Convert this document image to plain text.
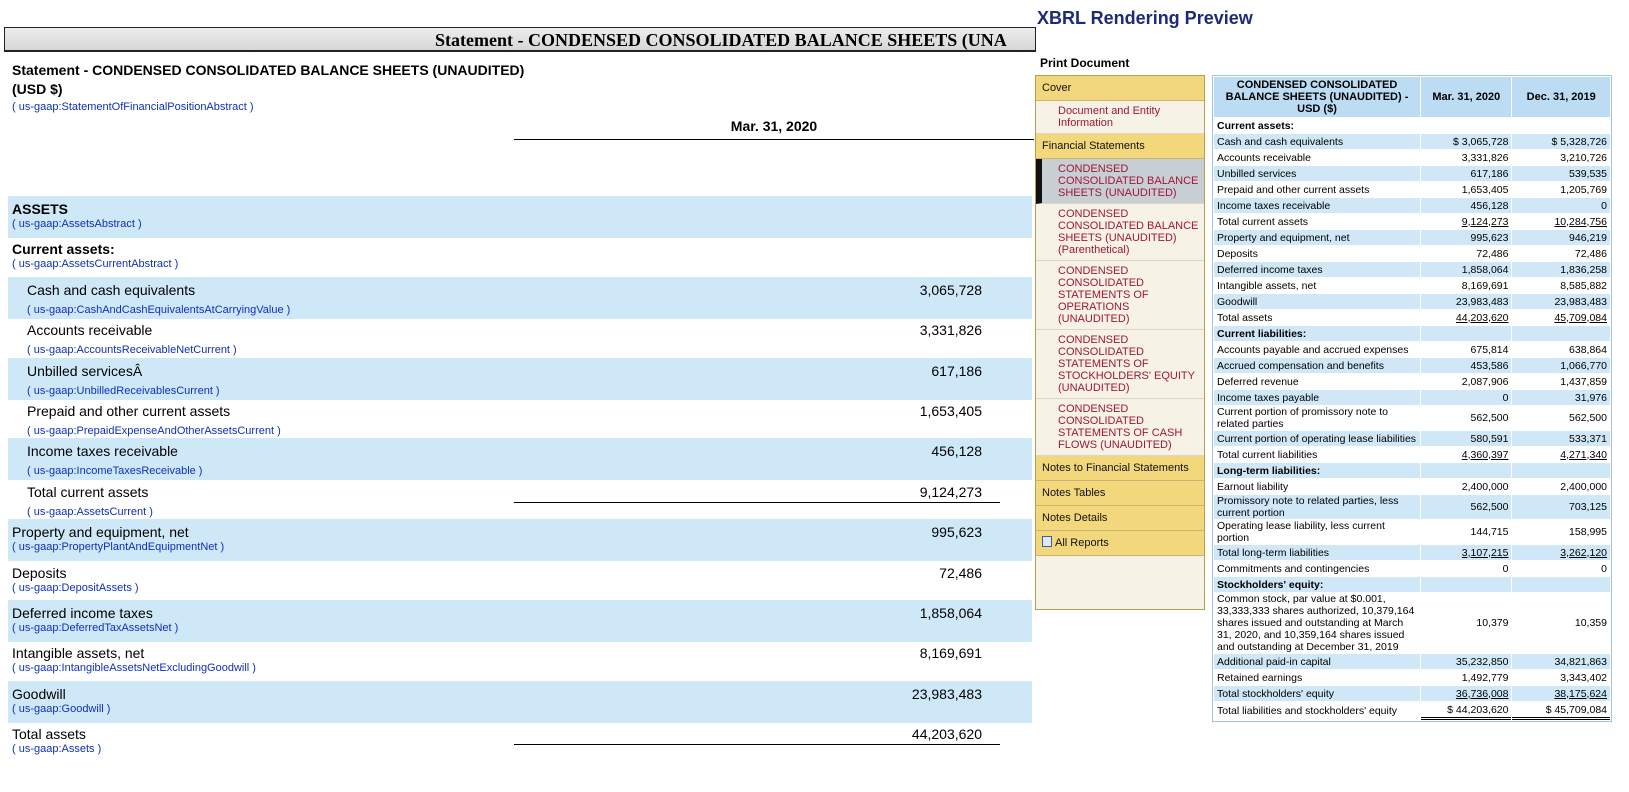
Statement - CONDENSED CONSOLIDATED BALANCE SHEETS (UNA
Statement - CONDENSED CONSOLIDATED BALANCE SHEETS (UNAUDITED)
(USD $)
( us-gaap:StatementOfFinancialPositionAbstract )
Mar. 31, 2020
ASSETS
( us-gaap:AssetsAbstract )
Current assets:
( us-gaap:AssetsCurrentAbstract )
Cash and cash equivalents
( us-gaap:CashAndCashEquivalentsAtCarryingValue )
3,065,728
Accounts receivable
( us-gaap:AccountsReceivableNetCurrent )
3,331,826
Unbilled servicesÂ
( us-gaap:UnbilledReceivablesCurrent )
617,186
Prepaid and other current assets
( us-gaap:PrepaidExpenseAndOtherAssetsCurrent )
1,653,405
Income taxes receivable
( us-gaap:IncomeTaxesReceivable )
456,128
Total current assets
( us-gaap:AssetsCurrent )
9,124,273
Property and equipment, net
( us-gaap:PropertyPlantAndEquipmentNet )
995,623
Deposits
( us-gaap:DepositAssets )
72,486
Deferred income taxes
( us-gaap:DeferredTaxAssetsNet )
1,858,064
Intangible assets, net
( us-gaap:IntangibleAssetsNetExcludingGoodwill )
8,169,691
Goodwill
( us-gaap:Goodwill )
23,983,483
Total assets
( us-gaap:Assets )
44,203,620
XBRL Rendering Preview
Print Document
Cover
Document and Entity Information
Financial Statements
CONDENSED CONSOLIDATED BALANCE SHEETS (UNAUDITED)
CONDENSED CONSOLIDATED BALANCE SHEETS (UNAUDITED) (Parenthetical)
CONDENSED CONSOLIDATED STATEMENTS OF OPERATIONS (UNAUDITED)
CONDENSED CONSOLIDATED STATEMENTS OF STOCKHOLDERS' EQUITY (UNAUDITED)
CONDENSED CONSOLIDATED STATEMENTS OF CASH FLOWS (UNAUDITED)
Notes to Financial Statements
Notes Tables
Notes Details
All Reports
CONDENSED CONSOLIDATED BALANCE SHEETS (UNAUDITED) - USD ($)	Mar. 31, 2020	Dec. 31, 2019
Current assets:		
Cash and cash equivalents	$ 3,065,728	$ 5,328,726
Accounts receivable	3,331,826	3,210,726
Unbilled services	617,186	539,535
Prepaid and other current assets	1,653,405	1,205,769
Income taxes receivable	456,128	0
Total current assets	9,124,273	10,284,756
Property and equipment, net	995,623	946,219
Deposits	72,486	72,486
Deferred income taxes	1,858,064	1,836,258
Intangible assets, net	8,169,691	8,585,882
Goodwill	23,983,483	23,983,483
Total assets	44,203,620	45,709,084
Current liabilities:		
Accounts payable and accrued expenses	675,814	638,864
Accrued compensation and benefits	453,586	1,066,770
Deferred revenue	2,087,906	1,437,859
Income taxes payable	0	31,976
Current portion of promissory note to related parties	562,500	562,500
Current portion of operating lease liabilities	580,591	533,371
Total current liabilities	4,360,397	4,271,340
Long-term liabilities:		
Earnout liability	2,400,000	2,400,000
Promissory note to related parties, less current portion	562,500	703,125
Operating lease liability, less current portion	144,715	158,995
Total long-term liabilities	3,107,215	3,262,120
Commitments and contingencies	0	0
Stockholders' equity:		
Common stock, par value at $0.001, 33,333,333 shares authorized, 10,379,164 shares issued and outstanding at March 31, 2020, and 10,359,164 shares issued and outstanding at December 31, 2019	10,379	10,359
Additional paid-in capital	35,232,850	34,821,863
Retained earnings	1,492,779	3,343,402
Total stockholders' equity	36,736,008	38,175,624
Total liabilities and stockholders' equity	$ 44,203,620	$ 45,709,084
